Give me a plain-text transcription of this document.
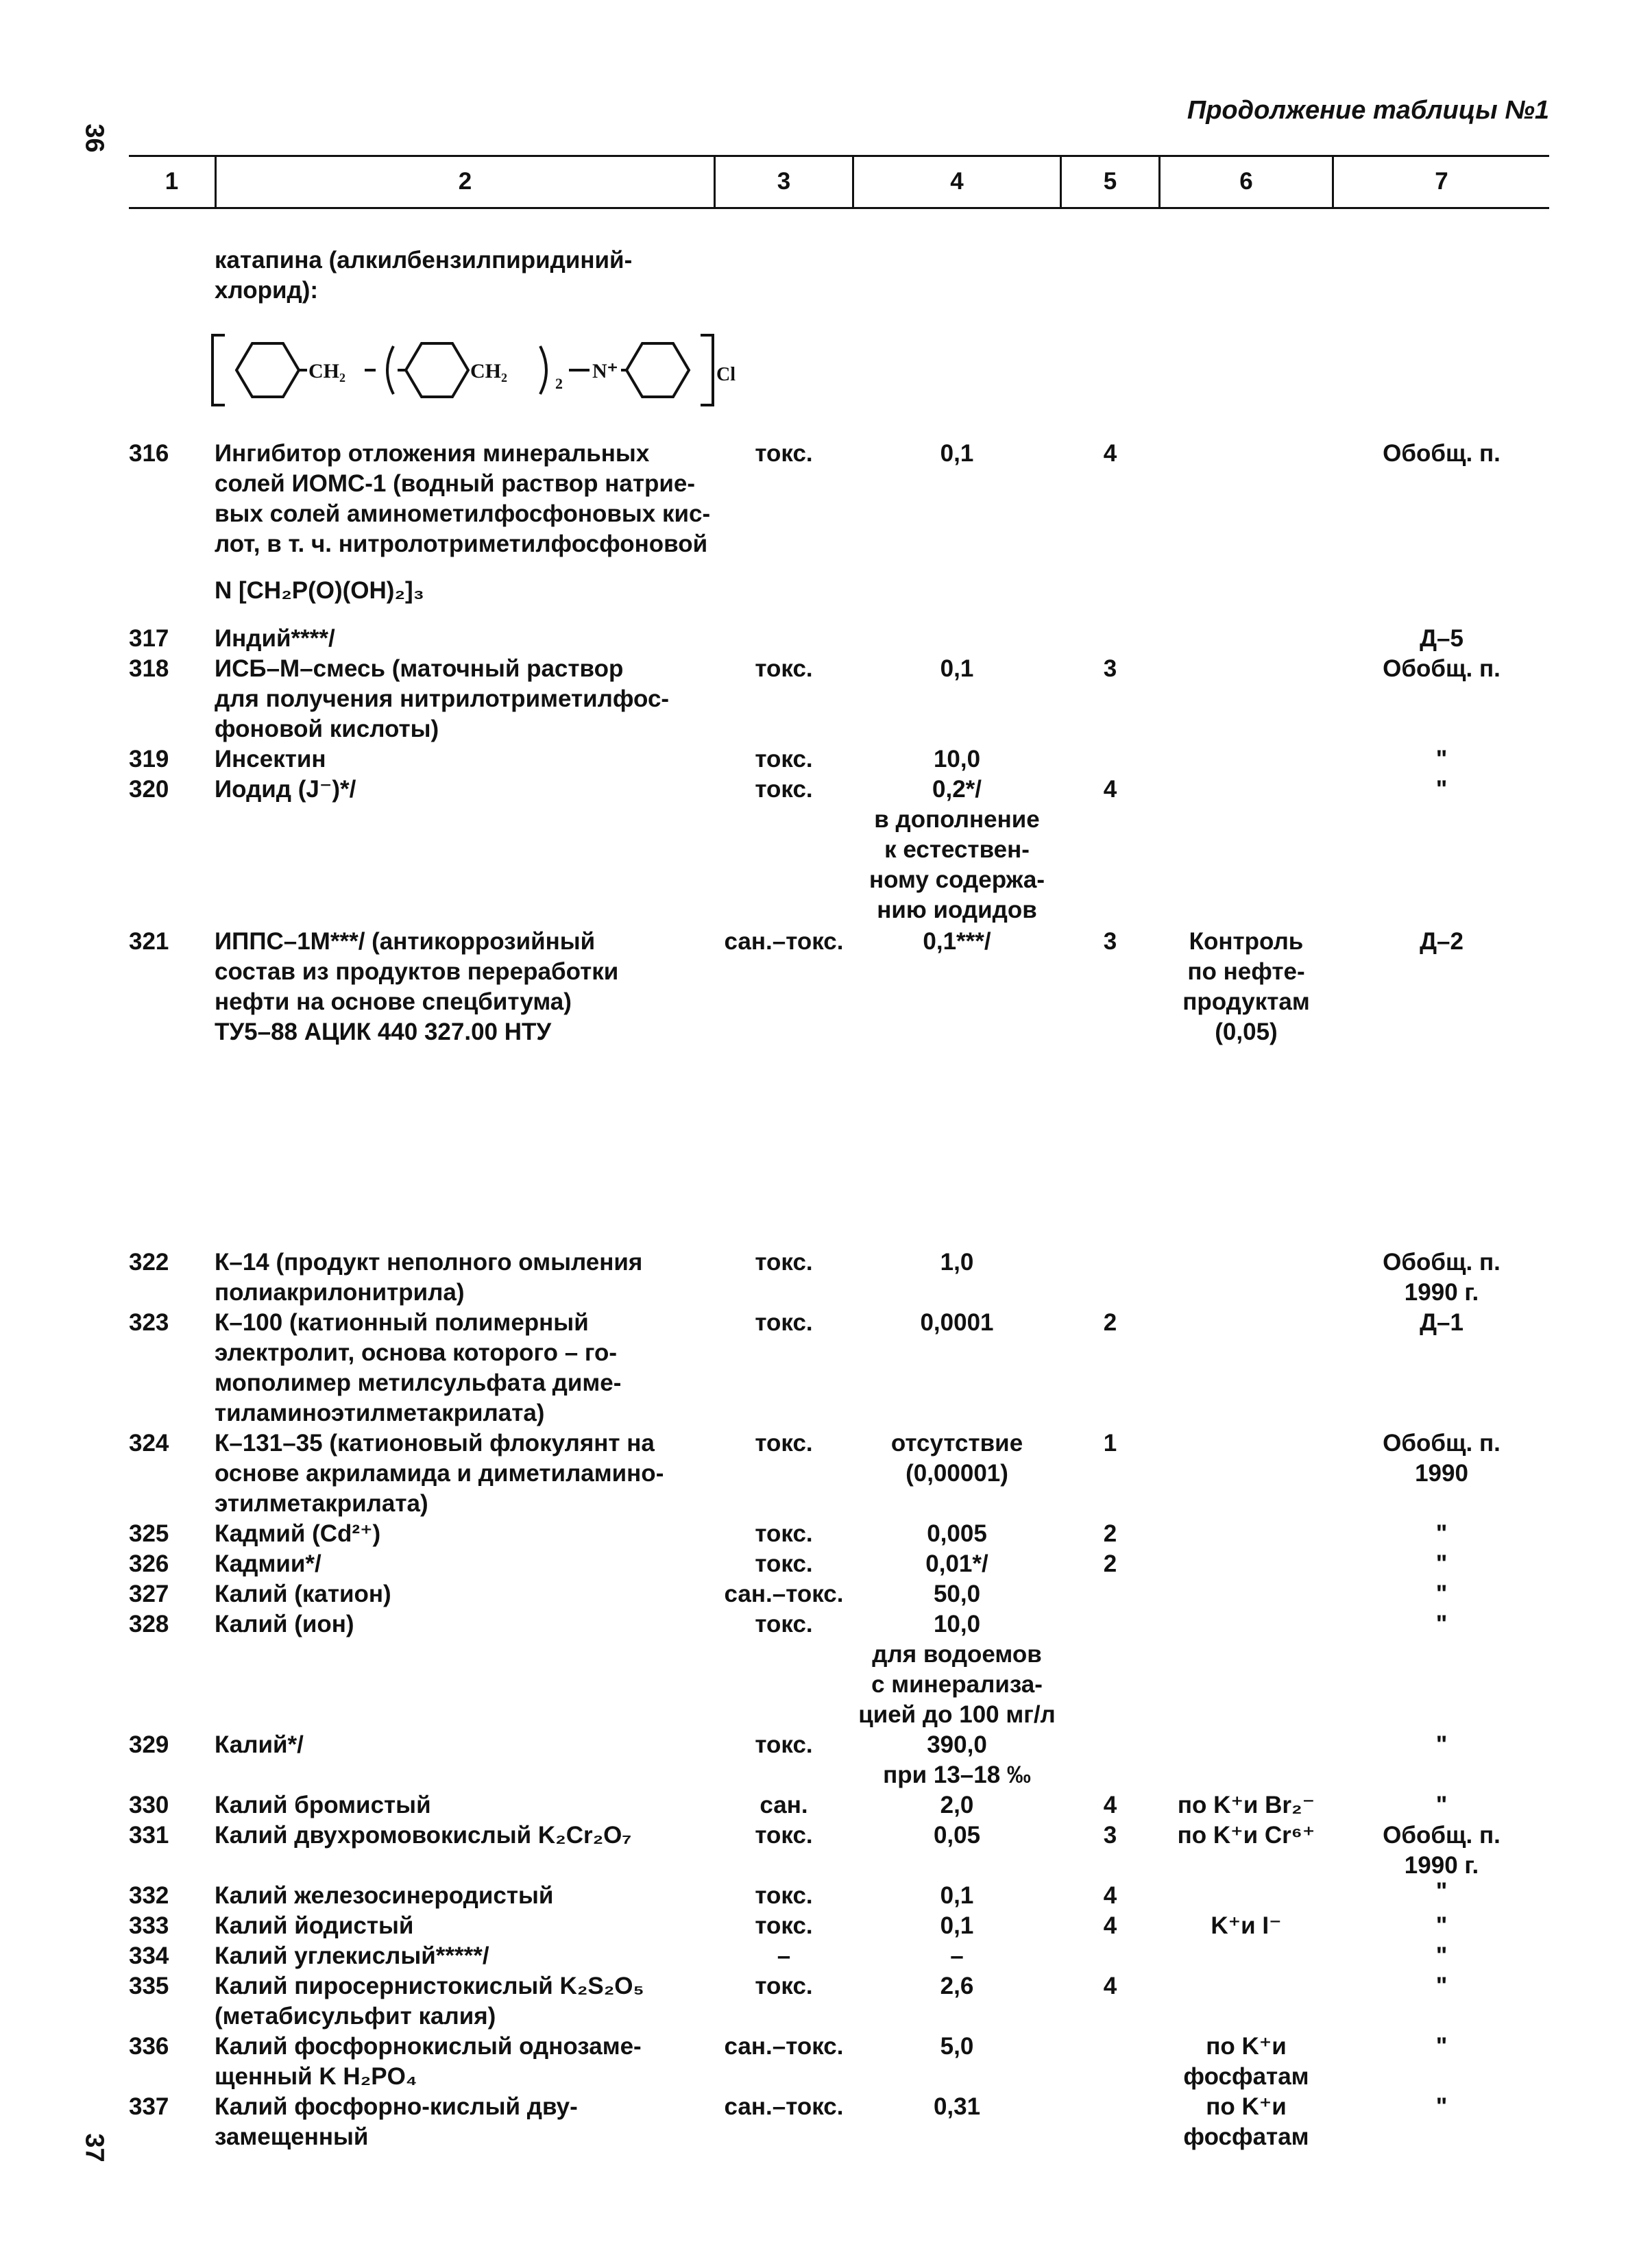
36
37
Продолжение таблицы №1
1	2	3	4	5	6	7
катапина (алкилбензилпиридиний-
хлорид):
CH₂	CH₂
2
N⁺	Cl
316 Ингибитор отложения минеральных
солей ИОМС-1 (водный раствор натрие-
вых солей аминометилфосфоновых кис-
лот, в т. ч. нитролотриметилфосфоновой
N [CH₂P(O)(OH)₂]₃
токс.	0,1	4	Обобщ. п.
317 Индий****/	Д–5
318 ИСБ–М–смесь (маточный раствор
для получения нитрилотриметилфос-
фоновой кислоты)
токс.	0,1	3	Обобщ. п.
319 Инсектин	токс.	10,0	"
320 Иодид (J⁻)*/	токс.	0,2*/
в дополнение
к естествен-
ному содержа-
нию иодидов
4	"
321 ИППС–1М***/ (антикоррозийный
состав из продуктов переработки
нефти на основе спецбитума)
ТУ5–88 АЦИК 440 327.00 НТУ
сан.–токс.	0,1***/	3	Контроль
по нефте-
продуктам
(0,05)
Д–2
322 К–14 (продукт неполного омыления
полиакрилонитрила)
токс.	1,0	Обобщ. п.
1990 г.
323 К–100 (катионный полимерный
электролит, основа которого – го-
мополимер метилсульфата диме-
тиламиноэтилметакрилата)
токс.	0,0001	2	Д–1
324 К–131–35 (катионовый флокулянт на
основе акриламида и диметиламино-
этилметакрилата)
токс.	отсутствие
(0,00001)
1	Обобщ. п.
1990
325 Кадмий (Cd²⁺)	токс.	0,005	2	"
326 Кадмии*/	токс.	0,01*/	2	"
327 Калий (катион)	сан.–токс.	50,0	"
328 Калий (ион)	токс.	10,0
для водоемов
с минерализа-
цией до 100 мг/л
"
329 Калий*/	токс.	390,0
при 13–18 ‰
"
330 Калий бромистый	сан.	2,0	4	по K⁺и Br₂⁻	"
331 Калий двухромовокислый K₂Cr₂O₇	токс.	0,05	3	по K⁺и Cr⁶⁺	Обобщ. п.
1990 г.
332 Калий железосинеродистый	токс.	0,1	4	"
333 Калий йодистый	токс.	0,1	4	K⁺и I⁻	"
334 Калий углекислый*****/	–	–	"
335 Калий пиросернистокислый K₂S₂O₅
(метабисульфит калия)
токс.	2,6	4	"
336 Калий фосфорнокислый однозаме-
щенный K H₂PO₄
сан.–токс.	5,0	по K⁺и
фосфатам
"
337 Калий фосфорно-кислый дву-
замещенный
сан.–токс.	0,31	по K⁺и
фосфатам
"
